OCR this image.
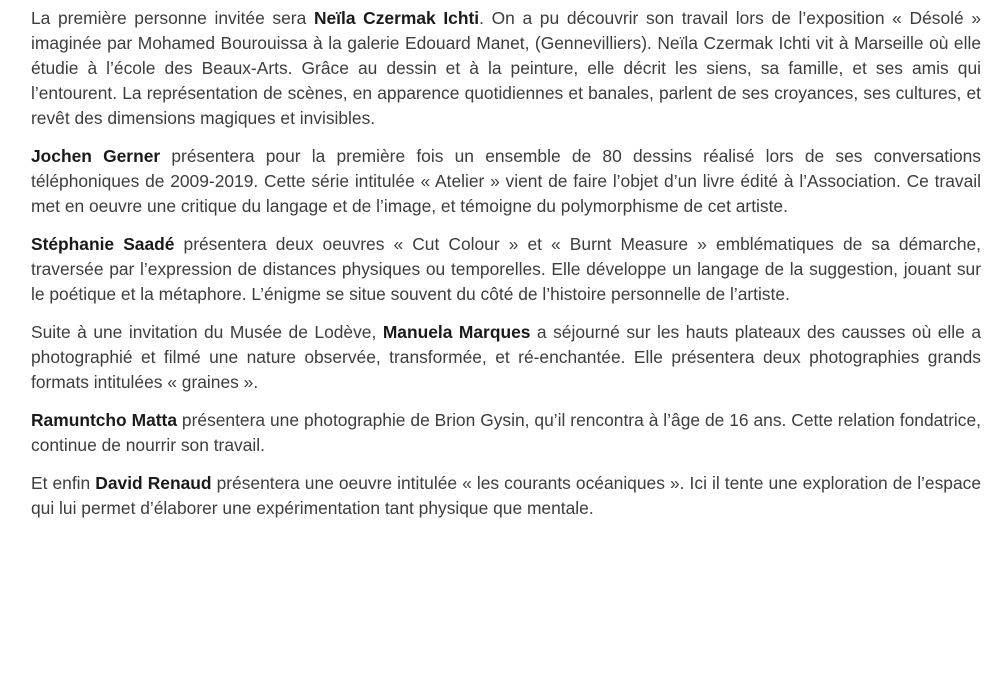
La première personne invitée sera Neïla Czermak Ichti. On a pu découvrir son travail lors de l’exposition « Désolé » imaginée par Mohamed Bourouissa à la galerie Edouard Manet, (Gennevilliers). Neïla Czermak Ichti vit à Marseille où elle étudie à l’école des Beaux-Arts. Grâce au dessin et à la peinture, elle décrit les siens, sa famille, et ses amis qui l’entourent. La représentation de scènes, en apparence quotidiennes et banales, parlent de ses croyances, ses cultures, et revêt des dimensions magiques et invisibles.

Jochen Gerner présentera pour la première fois un ensemble de 80 dessins réalisé lors de ses conversations téléphoniques de 2009-2019. Cette série intitulée « Atelier » vient de faire l’objet d’un livre édité à l’Association. Ce travail met en oeuvre une critique du langage et de l’image, et témoigne du polymorphisme de cet artiste.

Stéphanie Saadé présentera deux oeuvres « Cut Colour » et « Burnt Measure » emblématiques de sa démarche, traversée par l’expression de distances physiques ou temporelles. Elle développe un langage de la suggestion, jouant sur le poétique et la métaphore. L’énigme se situe souvent du côté de l’histoire personnelle de l’artiste.

Suite à une invitation du Musée de Lodève, Manuela Marques a séjourné sur les hauts plateaux des causses où elle a photographié et filmé une nature observée, transformée, et ré-enchantée. Elle présentera deux photographies grands formats intitulées « graines ».

Ramuntcho Matta présentera une photographie de Brion Gysin, qu’il rencontra à l’âge de 16 ans. Cette relation fondatrice, continue de nourrir son travail.

Et enfin David Renaud présentera une oeuvre intitulée « les courants océaniques ». Ici il tente une exploration de l’espace qui lui permet d’élaborer une expérimentation tant physique que mentale.
